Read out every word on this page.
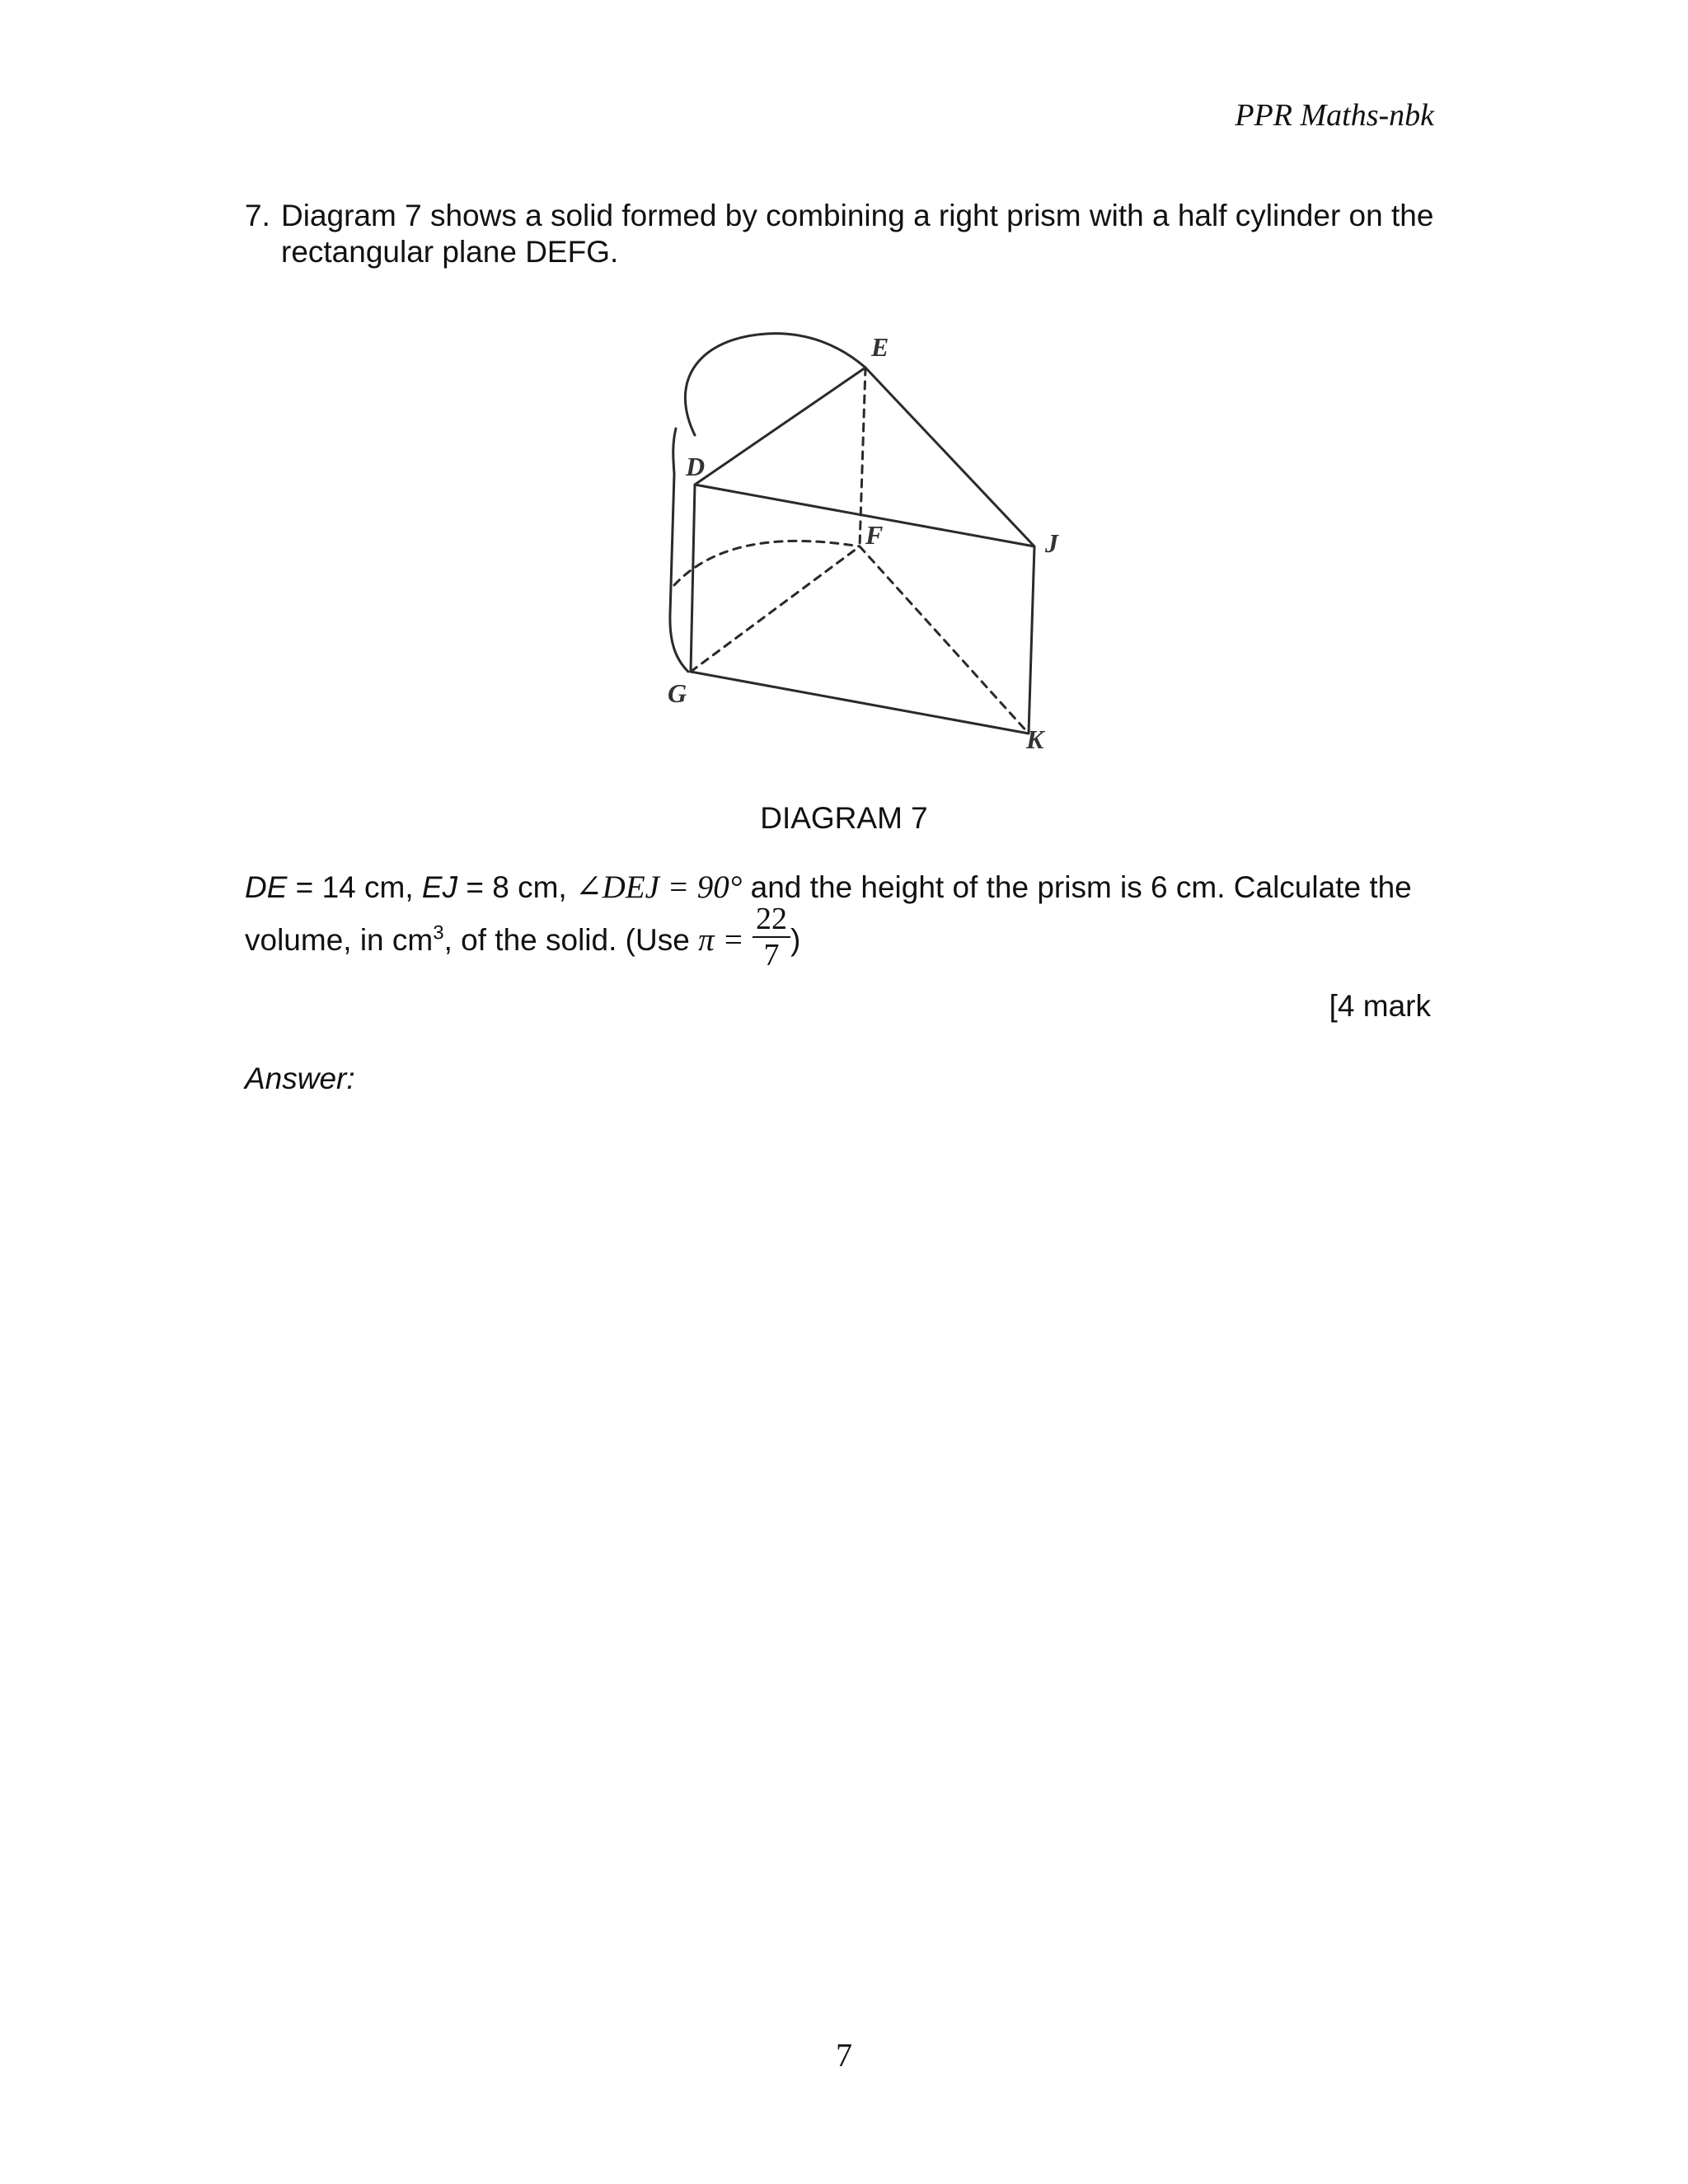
PPR Maths-nbk
7. Diagram 7 shows a solid formed by combining a right prism with a half cylinder on the rectangular plane DEFG.
E
D
F	J
G
K
DIAGRAM 7
DE = 14 cm, EJ = 8 cm, ∠DEJ = 90° and the height of the prism is 6 cm. Calculate the
volume, in $cm^3$, of the solid. (Use $\pi = \frac{22}{7}$ )
[4 mark
Answer:
7
